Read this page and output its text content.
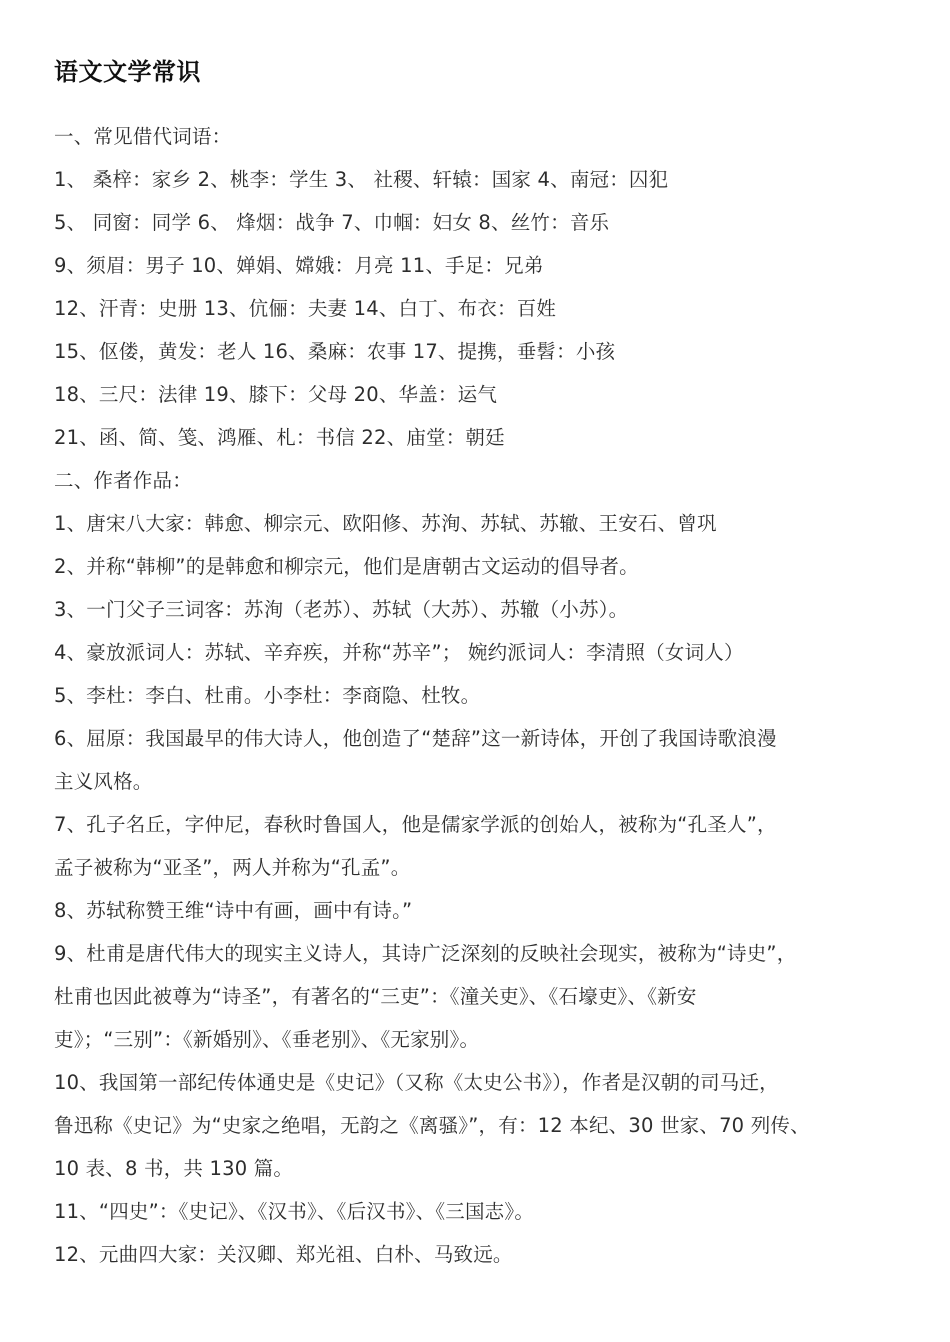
语文文学常识
一、常见借代词语：
1、 桑梓：家乡 2、桃李：学生 3、 社稷、轩辕：国家 4、南冠：囚犯
5、 同窗：同学 6、 烽烟：战争 7、巾帼：妇女 8、丝竹：音乐
9、须眉：男子 10、婵娟、嫦娥：月亮 11、手足：兄弟
12、汗青：史册 13、伉俪：夫妻 14、白丁、布衣：百姓
15、伛偻，黄发：老人 16、桑麻：农事 17、提携，垂髫：小孩
18、三尺：法律 19、膝下：父母 20、华盖：运气
21、函、简、笺、鸿雁、札：书信 22、庙堂：朝廷
二、作者作品：
1、唐宋八大家：韩愈、柳宗元、欧阳修、苏洵、苏轼、苏辙、王安石、曾巩
2、并称“韩柳”的是韩愈和柳宗元，他们是唐朝古文运动的倡导者。
3、一门父子三词客：苏洵（老苏）、苏轼（大苏）、苏辙（小苏）。
4、豪放派词人：苏轼、辛弃疾，并称“苏辛”； 婉约派词人：李清照（女词人）
5、李杜：李白、杜甫。小李杜：李商隐、杜牧。
6、屈原：我国最早的伟大诗人，他创造了“楚辞”这一新诗体，开创了我国诗歌浪漫
主义风格。
7、孔子名丘，字仲尼，春秋时鲁国人，他是儒家学派的创始人，被称为“孔圣人”，
孟子被称为“亚圣”，两人并称为“孔孟”。
8、苏轼称赞王维“诗中有画，画中有诗。”
9、杜甫是唐代伟大的现实主义诗人，其诗广泛深刻的反映社会现实，被称为“诗史”，
杜甫也因此被尊为“诗圣”，有著名的“三吏”：《潼关吏》、《石壕吏》、《新安
吏》；“三别”：《新婚别》、《垂老别》、《无家别》。
10、我国第一部纪传体通史是《史记》（又称《太史公书》），作者是汉朝的司马迁，
鲁迅称《史记》为“史家之绝唱，无韵之《离骚》”，有：12 本纪、30 世家、70 列传、
10 表、8 书，共 130 篇。
11、“四史”：《史记》、《汉书》、《后汉书》、《三国志》。
12、元曲四大家：关汉卿、郑光祖、白朴、马致远。
